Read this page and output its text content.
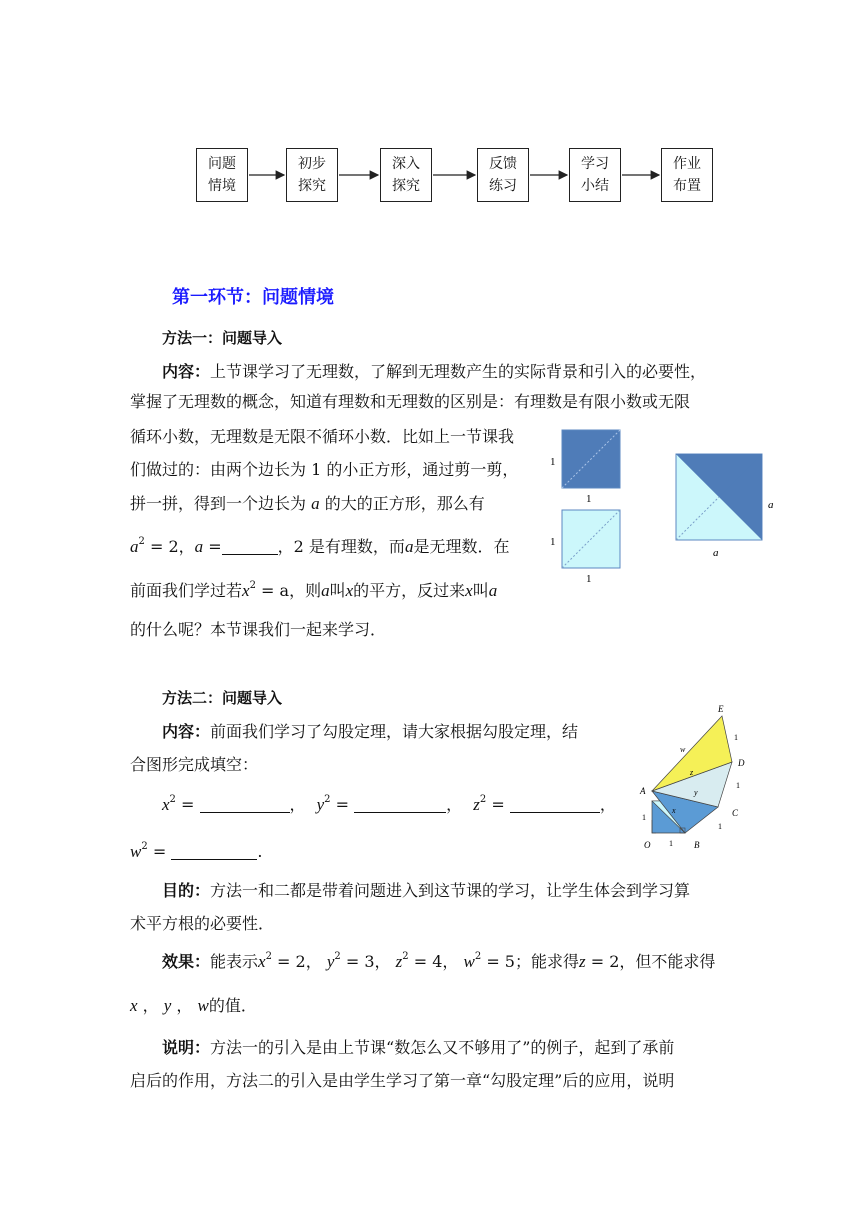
问题
情境
初步
探究
深入
探究
反馈
练习
学习
小结
作业
布置
第一环节：问题情境
方法一：问题导入
内容：上节课学习了无理数，了解到无理数产生的实际背景和引入的必要性，
掌握了无理数的概念，知道有理数和无理数的区别是：有理数是有限小数或无限
循环小数，无理数是无限不循环小数．比如上一节课我
们做过的：由两个边长为 1 的小正方形，通过剪一剪，
拼一拼，得到一个边长为 a 的大的正方形，那么有
$a^2 = 2$，a =	，2 是有理数，而a是无理数．在
前面我们学过若$x^2 = a$，则a叫x的平方，反过来x叫a
的什么呢？本节课我们一起来学习．
1
1
1
1
a
a
方法二：问题导入
内容：前面我们学习了勾股定理，请大家根据勾股定理，结
合图形完成填空：
$x^2$ =	， $y^2$ =	， $z^2$ =	，
$w^2$ =	.
A
O	B
C
D
E
w
z
y
x
1
1
1
1
1
目的：方法一和二都是带着问题进入到这节课的学习，让学生体会到学习算
术平方根的必要性．
效果：能表示$x^2 = 2$， $y^2 = 3$， $z^2 = 4$， $w^2 = 5$；能求得z = 2，但不能求得
x ， y ， w的值．
说明：方法一的引入是由上节课“数怎么又不够用了”的例子，起到了承前
启后的作用，方法二的引入是由学生学习了第一章“勾股定理”后的应用，说明
